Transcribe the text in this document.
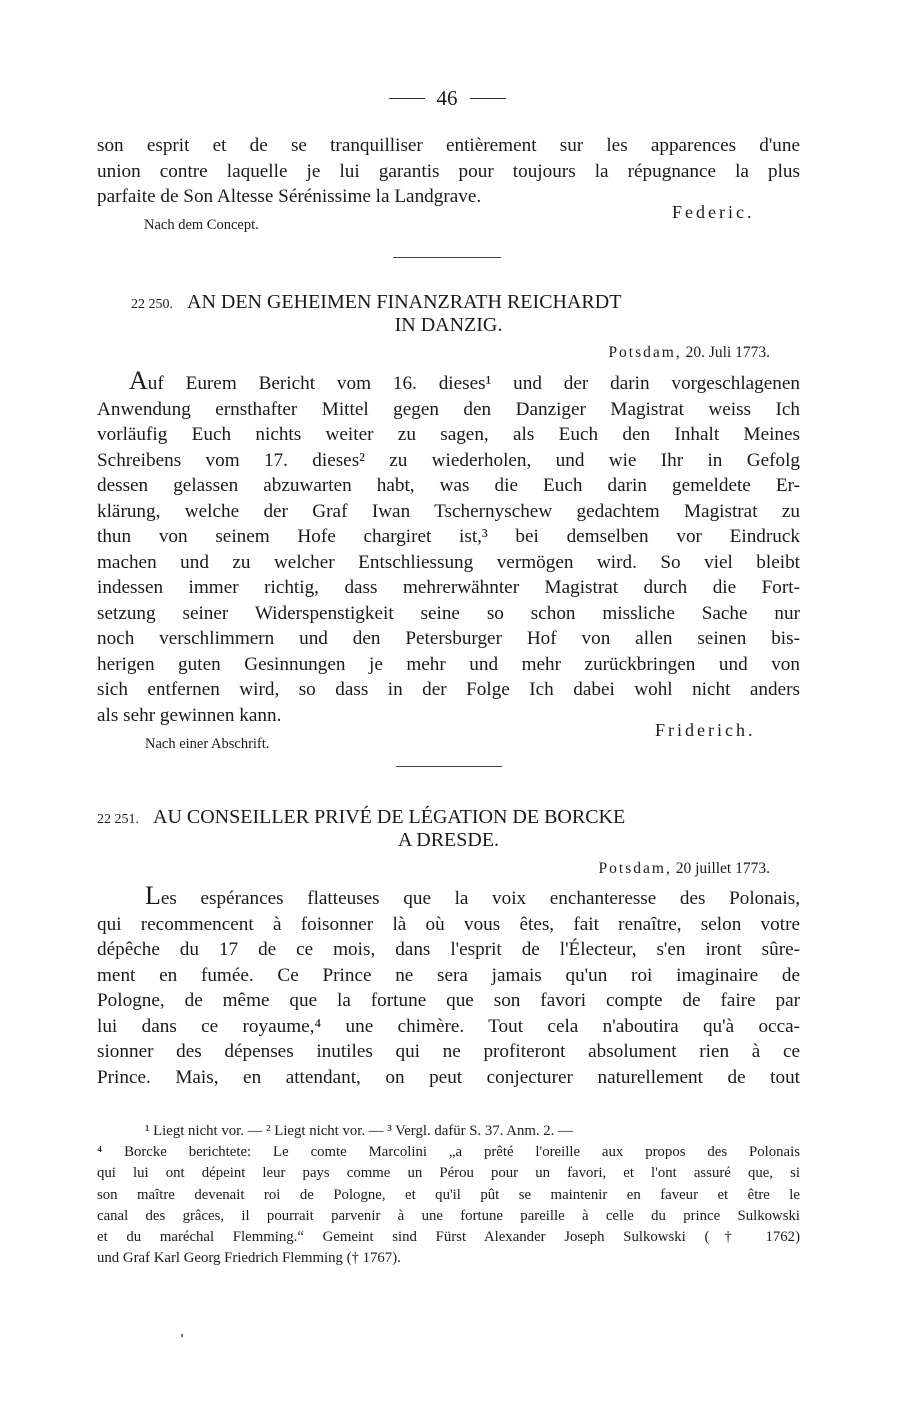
46
son esprit et de se tranquilliser entièrement sur les apparences d'une
union contre laquelle je lui garantis pour toujours la répugnance la plus
parfaite de Son Altesse Sérénissime la Landgrave.
Federic.
Nach dem Concept.
22 250. AN DEN GEHEIMEN FINANZRATH REICHARDT
IN DANZIG.
Potsdam, 20. Juli 1773.
Auf Eurem Bericht vom 16. dieses¹ und der darin vorgeschlagenen
Anwendung ernsthafter Mittel gegen den Danziger Magistrat weiss Ich
vorläufig Euch nichts weiter zu sagen, als Euch den Inhalt Meines
Schreibens vom 17. dieses² zu wiederholen, und wie Ihr in Gefolg
dessen gelassen abzuwarten habt, was die Euch darin gemeldete Er-
klärung, welche der Graf Iwan Tschernyschew gedachtem Magistrat zu
thun von seinem Hofe chargiret ist,³ bei demselben vor Eindruck
machen und zu welcher Entschliessung vermögen wird. So viel bleibt
indessen immer richtig, dass mehrerwähnter Magistrat durch die Fort-
setzung seiner Widerspenstigkeit seine so schon missliche Sache nur
noch verschlimmern und den Petersburger Hof von allen seinen bis-
herigen guten Gesinnungen je mehr und mehr zurückbringen und von
sich entfernen wird, so dass in der Folge Ich dabei wohl nicht anders
als sehr gewinnen kann.
Friderich.
Nach einer Abschrift.
22 251. AU CONSEILLER PRIVÉ DE LÉGATION DE BORCKE
A DRESDE.
Potsdam, 20 juillet 1773.
Les espérances flatteuses que la voix enchanteresse des Polonais,
qui recommencent à foisonner là où vous êtes, fait renaître, selon votre
dépêche du 17 de ce mois, dans l'esprit de l'Électeur, s'en iront sûre-
ment en fumée. Ce Prince ne sera jamais qu'un roi imaginaire de
Pologne, de même que la fortune que son favori compte de faire par
lui dans ce royaume,⁴ une chimère. Tout cela n'aboutira qu'à occa-
sionner des dépenses inutiles qui ne profiteront absolument rien à ce
Prince. Mais, en attendant, on peut conjecturer naturellement de tout
¹ Liegt nicht vor. — ² Liegt nicht vor. — ³ Vergl. dafür S. 37. Anm. 2. —
⁴ Borcke berichtete: Le comte Marcolini „a prêté l'oreille aux propos des Polonais
qui lui ont dépeint leur pays comme un Pérou pour un favori, et l'ont assuré que, si
son maître devenait roi de Pologne, et qu'il pût se maintenir en faveur et être le
canal des grâces, il pourrait parvenir à une fortune pareille à celle du prince Sulkowski
et du maréchal Flemming.“ Gemeint sind Fürst Alexander Joseph Sulkowski († 1762)
und Graf Karl Georg Friedrich Flemming († 1767).
